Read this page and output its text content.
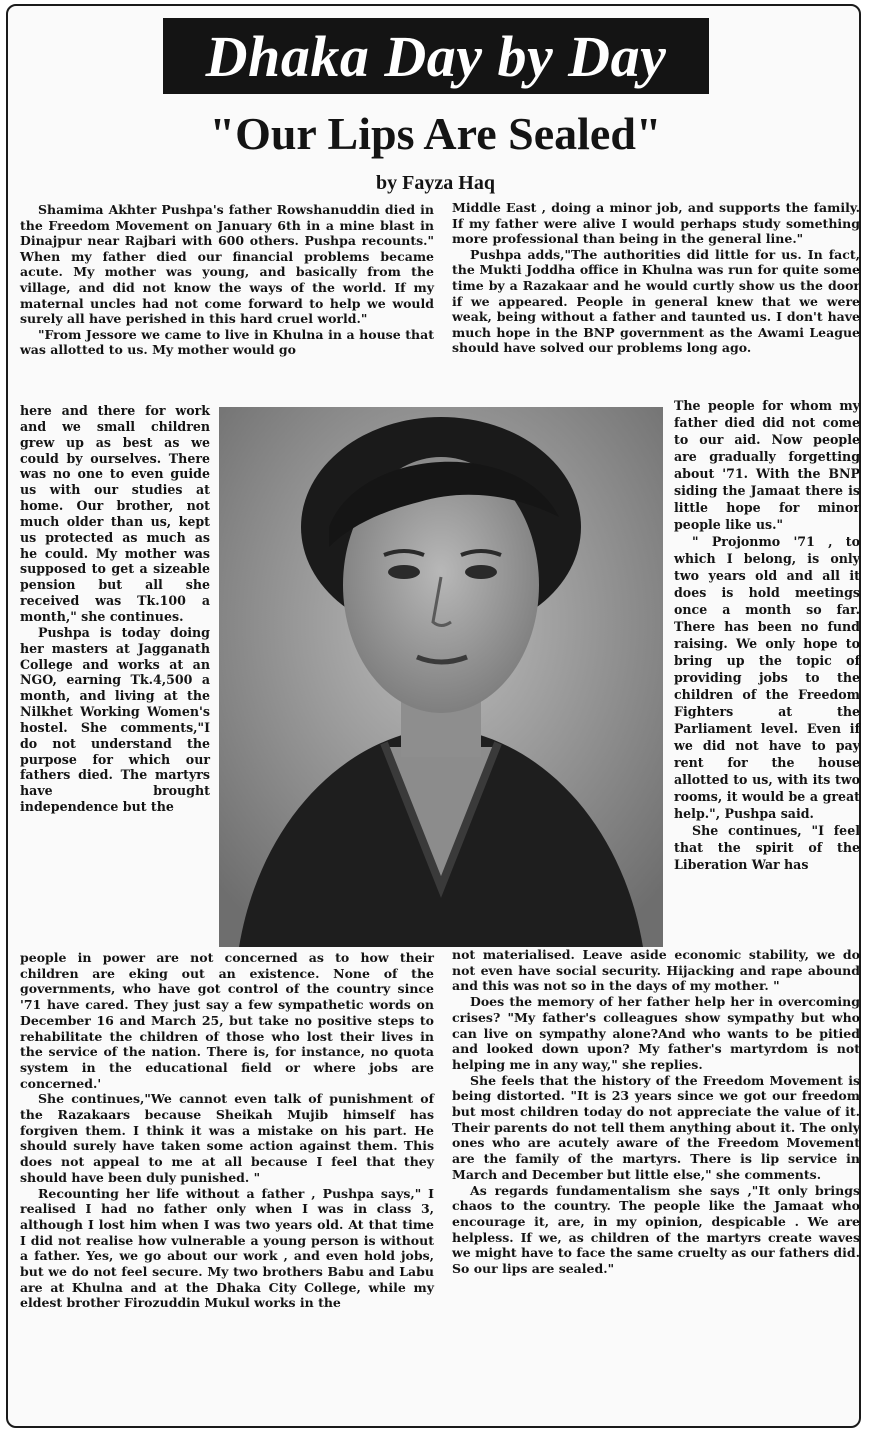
Dhaka Day by Day
"Our Lips Are Sealed"
by Fayza Haq

Shamima Akhter Pushpa's father Rowshanuddin died in the Freedom Movement on January 6th in a mine blast in Dinajpur near Rajbari with 600 others. Pushpa recounts." When my father died our financial problems became acute. My mother was young, and basically from the village, and did not know the ways of the world. If my maternal uncles had not come forward to help we would surely all have perished in this hard cruel world."

"From Jessore we came to live in Khulna in a house that was allotted to us. My mother would go

here and there for work and we small children grew up as best as we could by ourselves. There was no one to even guide us with our studies at home. Our brother, not much older than us, kept us protected as much as he could. My mother was supposed to get a sizeable pension but all she received was Tk.100 a month," she continues.

Pushpa is today doing her masters at Jagganath College and works at an NGO, earning Tk.4,500 a month, and living at the Nilkhet Working Women's hostel. She comments,"I do not understand the purpose for which our fathers died. The martyrs have brought independence but the

people in power are not concerned as to how their children are eking out an existence. None of the governments, who have got control of the country since '71 have cared. They just say a few sympathetic words on December 16 and March 25, but take no positive steps to rehabilitate the children of those who lost their lives in the service of the nation. There is, for instance, no quota system in the educational field or where jobs are concerned.'

She continues,"We cannot even talk of punishment of the Razakaars because Sheikah Mujib himself has forgiven them. I think it was a mistake on his part. He should surely have taken some action against them. This does not appeal to me at all because I feel that they should have been duly punished. "

Recounting her life without a father , Pushpa says," I realised I had no father only when I was in class 3, although I lost him when I was two years old. At that time I did not realise how vulnerable a young person is without a father. Yes, we go about our work , and even hold jobs, but we do not feel secure. My two brothers Babu and Labu are at Khulna and at the Dhaka City College, while my eldest brother Firozuddin Mukul works in the

Middle East , doing a minor job, and supports the family. If my father were alive I would perhaps study something more professional than being in the general line."

Pushpa adds,"The authorities did little for us. In fact, the Mukti Joddha office in Khulna was run for quite some time by a Razakaar and he would curtly show us the door if we appeared. People in general knew that we were weak, being without a father and taunted us. I don't have much hope in the BNP government as the Awami League should have solved our problems long ago.

The people for whom my father died did not come to our aid. Now people are gradually forgetting about '71. With the BNP siding the Jamaat there is little hope for minor people like us."

" Projonmo '71 , to which I belong, is only two years old and all it does is hold meetings once a month so far. There has been no fund raising. We only hope to bring up the topic of providing jobs to the children of the Freedom Fighters at the Parliament level. Even if we did not have to pay rent for the house allotted to us, with its two rooms, it would be a great help.", Pushpa said.

She continues, "I feel that the spirit of the Liberation War has

not materialised. Leave aside economic stability, we do not even have social security. Hijacking and rape abound and this was not so in the days of my mother. "

Does the memory of her father help her in overcoming crises? "My father's colleagues show sympathy but who can live on sympathy alone?And who wants to be pitied and looked down upon? My father's martyrdom is not helping me in any way," she replies.

She feels that the history of the Freedom Movement is being distorted. "It is 23 years since we got our freedom but most children today do not appreciate the value of it. Their parents do not tell them anything about it. The only ones who are acutely aware of the Freedom Movement are the family of the martyrs. There is lip service in March and December but little else," she comments.

As regards fundamentalism she says ,"It only brings chaos to the country. The people like the Jamaat who encourage it, are, in my opinion, despicable . We are helpless. If we, as children of the martyrs create waves we might have to face the same cruelty as our fathers did. So our lips are sealed."
